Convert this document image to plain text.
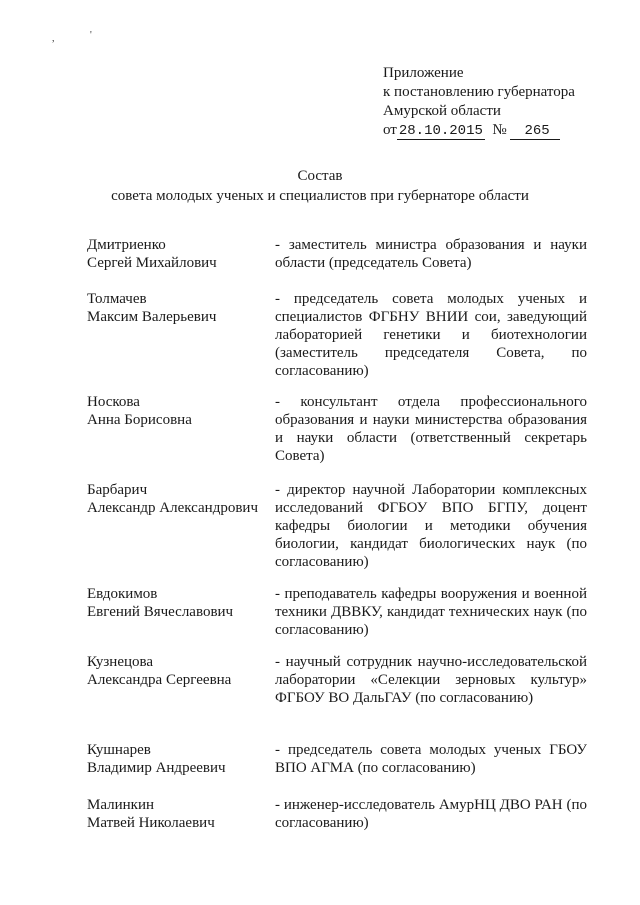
,	'
Приложение
к постановлению губернатора
Амурской области
от 28.10.2015 № 265
Состав
совета молодых ученых и специалистов при губернаторе области
Дмитриенко
Сергей Михайлович
- заместитель министра образования и науки области (председатель Совета)
Толмачев
Максим Валерьевич
- председатель совета молодых ученых и специалистов ФГБНУ ВНИИ сои, заведующий лабораторией генетики и биотехнологии (заместитель председателя Совета, по согласованию)
Носкова
Анна Борисовна
- консультант отдела профессионального образования и науки министерства образования и науки области (ответственный секретарь Совета)
Барбарич
Александр Александрович
- директор научной Лаборатории комплексных исследований ФГБОУ ВПО БГПУ, доцент кафедры биологии и методики обучения биологии, кандидат биологических наук (по согласованию)
Евдокимов
Евгений Вячеславович
- преподаватель кафедры вооружения и военной техники ДВВКУ, кандидат технических наук (по согласованию)
Кузнецова
Александра Сергеевна
- научный сотрудник научно-исследовательской лаборатории «Селекции зерновых культур» ФГБОУ ВО ДальГАУ (по согласованию)
Кушнарев
Владимир Андреевич
- председатель совета молодых ученых ГБОУ ВПО АГМА (по согласованию)
Малинкин
Матвей Николаевич
- инженер-исследователь АмурНЦ ДВО РАН (по согласованию)
